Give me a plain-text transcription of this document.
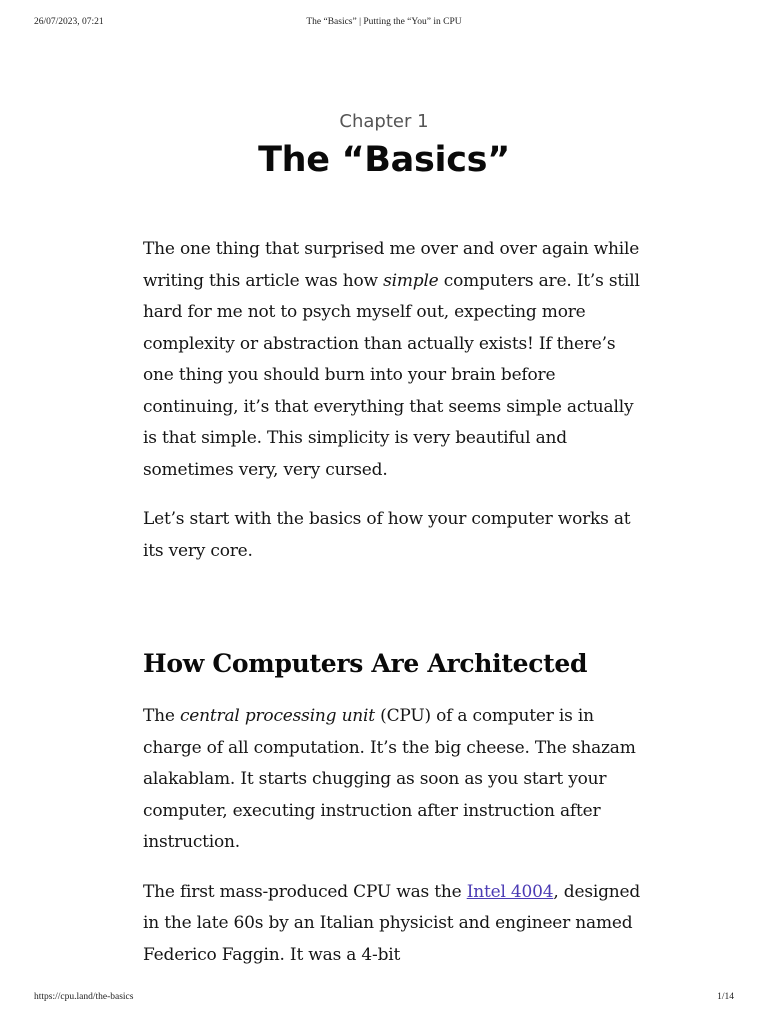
26/07/2023, 07:21	The “Basics” | Putting the “You” in CPU
Chapter 1
The “Basics”

The one thing that surprised me over and over again while writing this article was how simple computers are. It’s still hard for me not to psych myself out, expecting more complexity or abstraction than actually exists! If there’s one thing you should burn into your brain before continuing, it’s that everything that seems simple actually is that simple. This simplicity is very beautiful and sometimes very, very cursed.

Let’s start with the basics of how your computer works at its very core.

How Computers Are Architected

The central processing unit (CPU) of a computer is in charge of all computation. It’s the big cheese. The shazam alakablam. It starts chugging as soon as you start your computer, executing instruction after instruction after instruction.

The first mass-produced CPU was the Intel 4004, designed in the late 60s by an Italian physicist and engineer named Federico Faggin. It was a 4-bit

https://cpu.land/the-basics	1/14
